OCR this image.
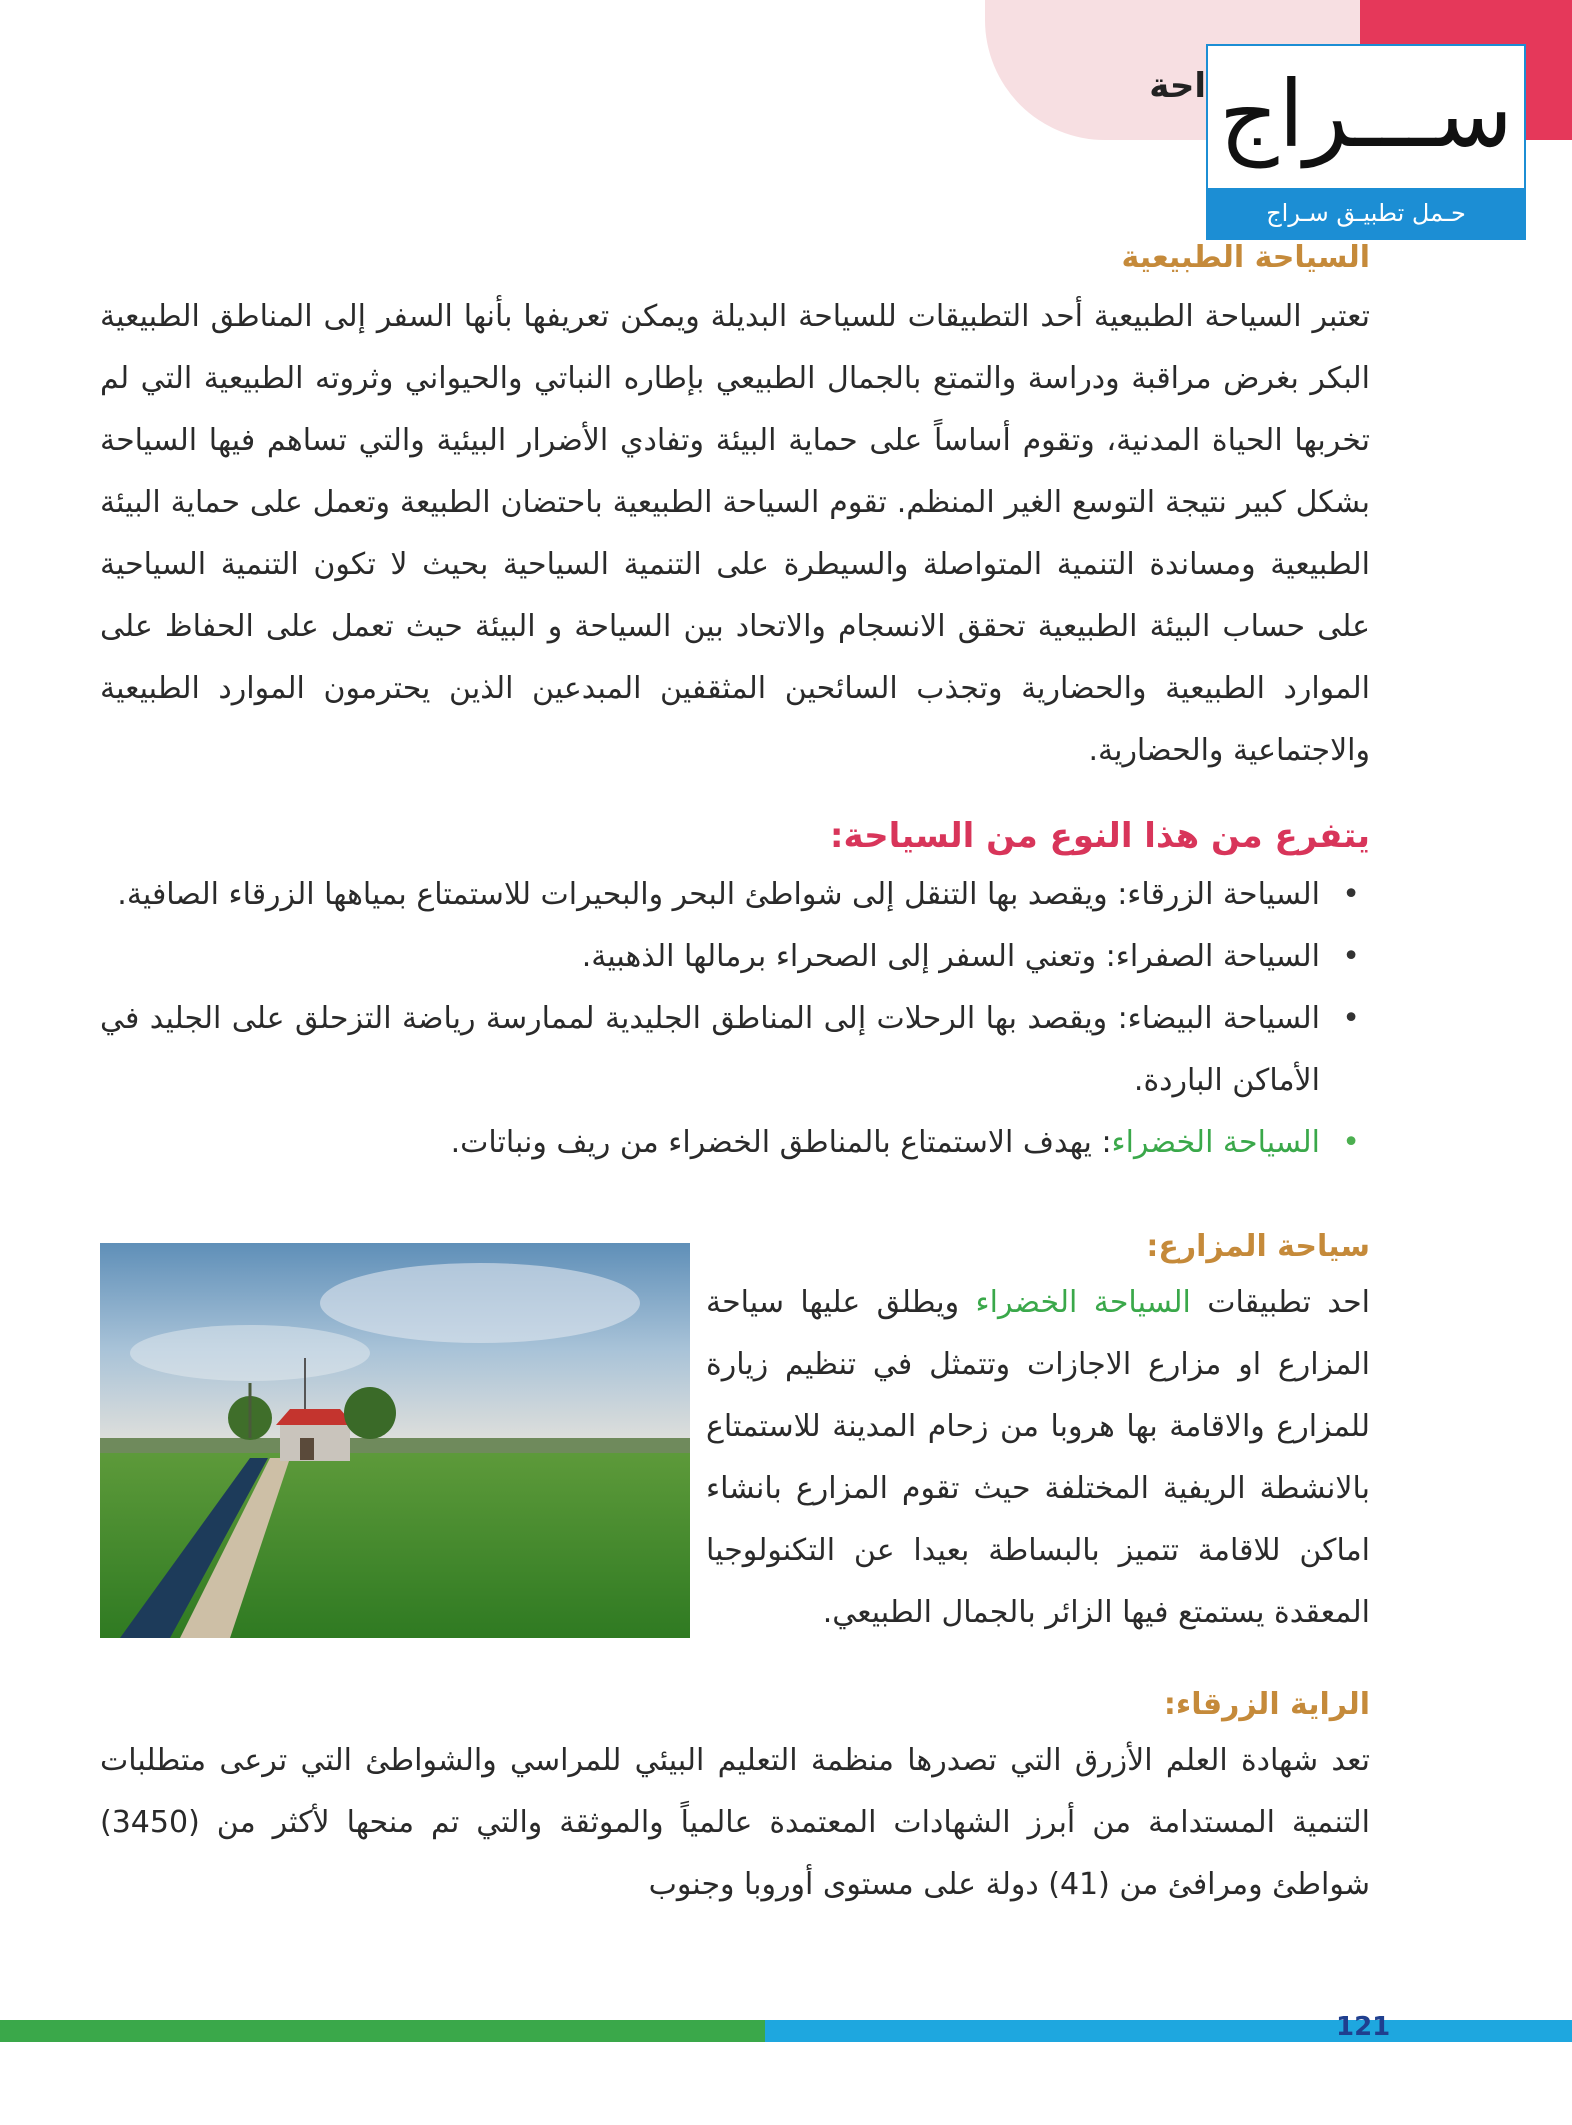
احة ســـراج
حـمل تطبيـق سـراج
السياحة الطبيعية

تعتبر السياحة الطبيعية أحد التطبيقات للسياحة البديلة ويمكن تعريفها بأنها السفر إلى المناطق الطبيعية البكر بغرض مراقبة ودراسة والتمتع بالجمال الطبيعي بإطاره النباتي والحيواني وثروته الطبيعية التي لم تخربها الحياة المدنية، وتقوم أساساً على حماية البيئة وتفادي الأضرار البيئية والتي تساهم فيها السياحة بشكل كبير نتيجة التوسع الغير المنظم. تقوم السياحة الطبيعية باحتضان الطبيعة وتعمل على حماية البيئة الطبيعية ومساندة التنمية المتواصلة والسيطرة على التنمية السياحية بحيث لا تكون التنمية السياحية على حساب البيئة الطبيعية تحقق الانسجام والاتحاد بين السياحة و البيئة حيث تعمل على الحفاظ على الموارد الطبيعية والحضارية وتجذب السائحين المثقفين المبدعين الذين يحترمون الموارد الطبيعية والاجتماعية والحضارية.

يتفرع من هذا النوع من السياحة:
• السياحة الزرقاء: ويقصد بها التنقل إلى شواطئ البحر والبحيرات للاستمتاع بمياهها الزرقاء الصافية.
• السياحة الصفراء: وتعني السفر إلى الصحراء برمالها الذهبية.
• السياحة البيضاء: ويقصد بها الرحلات إلى المناطق الجليدية لممارسة رياضة التزحلق على الجليد في الأماكن الباردة.
• السياحة الخضراء: يهدف الاستمتاع بالمناطق الخضراء من ريف ونباتات.
سياحة المزارع:

احد تطبيقات السياحة الخضراء ويطلق عليها سياحة المزارع او مزارع الاجازات وتتمثل في تنظيم زيارة للمزارع والاقامة بها هروبا من زحام المدينة للاستمتاع بالانشطة الريفية المختلفة حيث تقوم المزارع بانشاء اماكن للاقامة تتميز بالبساطة بعيدا عن التكنولوجيا المعقدة يستمتع فيها الزائر بالجمال الطبيعي.

الراية الزرقاء:

تعد شهادة العلم الأزرق التي تصدرها منظمة التعليم البيئي للمراسي والشواطئ التي ترعى متطلبات التنمية المستدامة من أبرز الشهادات المعتمدة عالمياً والموثقة والتي تم منحها لأكثر من (3450) شواطئ ومرافئ من (41) دولة على مستوى أوروبا وجنوب

121
